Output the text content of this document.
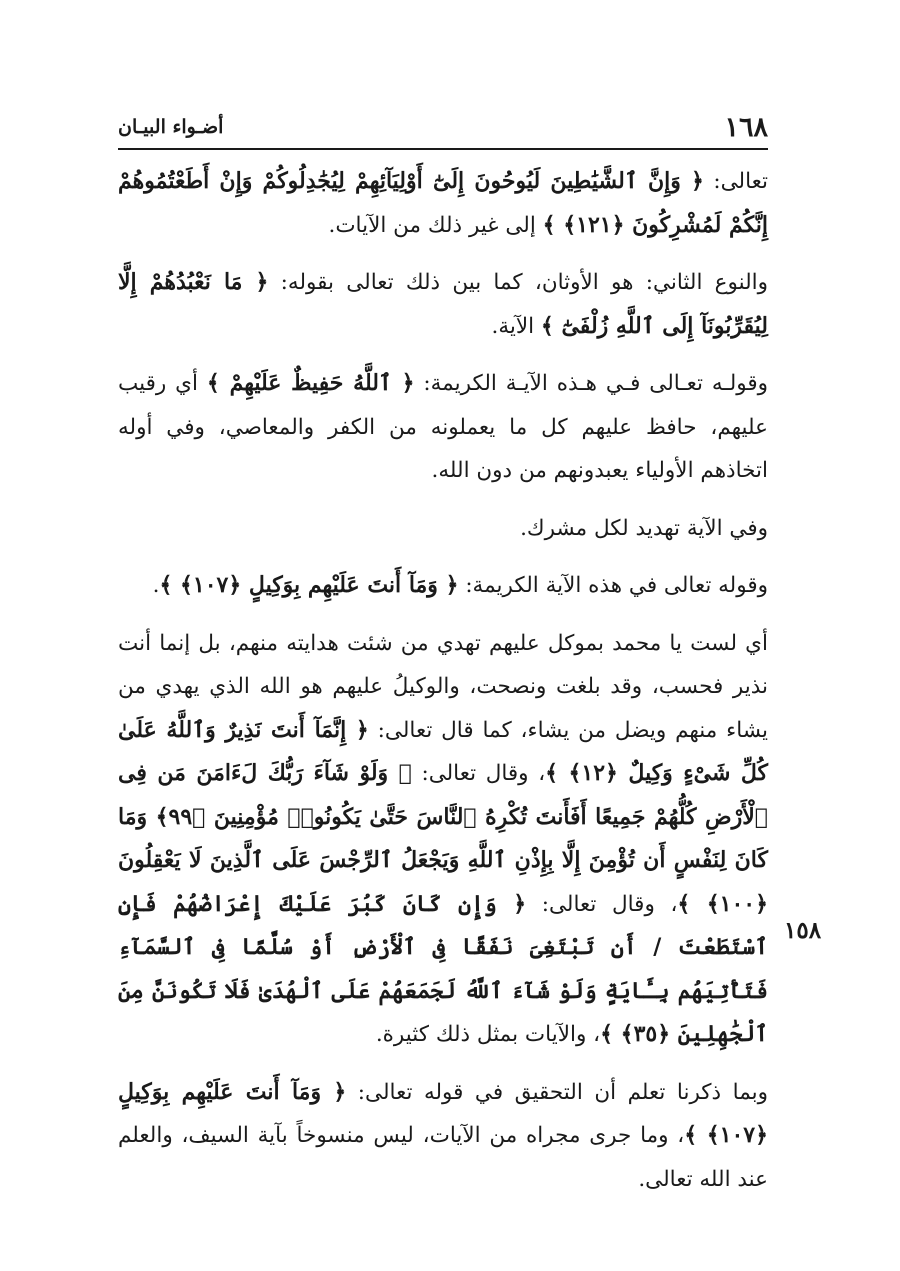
١٦٨
أضـواء البيـان

تعالى: ﴿ وَإِنَّ ٱلشَّيَٰطِينَ لَيُوحُونَ إِلَىٰٓ أَوْلِيَآئِهِمْ لِيُجَٰدِلُوكُمْ وَإِنْ أَطَعْتُمُوهُمْ إِنَّكُمْ لَمُشْرِكُونَ ﴿١٢١﴾ ﴾ إلى غير ذلك من الآيات.

والنوع الثاني: هو الأوثان، كما بين ذلك تعالى بقوله: ﴿ مَا نَعْبُدُهُمْ إِلَّا لِيُقَرِّبُونَآ إِلَى ٱللَّهِ زُلْفَىٰٓ ﴾ الآية.

وقولـه تعـالى فـي هـذه الآيـة الكريمة: ﴿ ٱللَّهُ حَفِيظٌ عَلَيْهِمْ ﴾ أي رقيب عليهم، حافظ عليهم كل ما يعملونه من الكفر والمعاصي، وفي أوله اتخاذهم الأولياء يعبدونهم من دون الله.

وفي الآية تهديد لكل مشرك.

وقوله تعالى في هذه الآية الكريمة: ﴿ وَمَآ أَنتَ عَلَيْهِم بِوَكِيلٍ ﴿١٠٧﴾ ﴾.

أي لست يا محمد بموكل عليهم تهدي من شئت هدايته منهم، بل إنما أنت نذير فحسب، وقد بلغت ونصحت، والوكيلُ عليهم هو الله الذي يهدي من يشاء منهم ويضل من يشاء، كما قال تعالى: ﴿ إِنَّمَآ أَنتَ نَذِيرٌ وَٱللَّهُ عَلَىٰ كُلِّ شَىْءٍ وَكِيلٌ ﴿١٢﴾ ﴾، وقال تعالى: ﴿ وَلَوْ شَآءَ رَبُّكَ لَءَامَنَ مَن فِى ٱلْأَرْضِ كُلُّهُمْ جَمِيعًا أَفَأَنتَ تُكْرِهُ ٱلنَّاسَ حَتَّىٰ يَكُونُوا۟ مُؤْمِنِينَ ﴿٩٩﴾ وَمَا كَانَ لِنَفْسٍ أَن تُؤْمِنَ إِلَّا بِإِذْنِ ٱللَّهِ وَيَجْعَلُ ٱلرِّجْسَ عَلَى ٱلَّذِينَ لَا يَعْقِلُونَ ﴿١٠٠﴾ ﴾، وقال تعالى: ﴿ وَإِن كَانَ كَبُرَ عَلَيْكَ إِعْرَاضُهُمْ فَإِنِ ٱسْتَطَعْتَ / أَن تَبْتَغِىَ نَفَقًا فِى ٱلْأَرْضِ أَوْ سُلَّمًا فِى ٱلسَّمَآءِ فَتَأْتِيَهُم بِـَٔايَةٍ وَلَوْ شَآءَ ٱللَّهُ لَجَمَعَهُمْ عَلَى ٱلْهُدَىٰ فَلَا تَكُونَنَّ مِنَ ٱلْجَٰهِلِينَ ﴿٣٥﴾ ﴾، والآيات بمثل ذلك كثيرة.

وبما ذكرنا تعلم أن التحقيق في قوله تعالى: ﴿ وَمَآ أَنتَ عَلَيْهِم بِوَكِيلٍ ﴿١٠٧﴾ ﴾، وما جرى مجراه من الآيات، ليس منسوخاً بآية السيف، والعلم عند الله تعالى.

١٥٨
